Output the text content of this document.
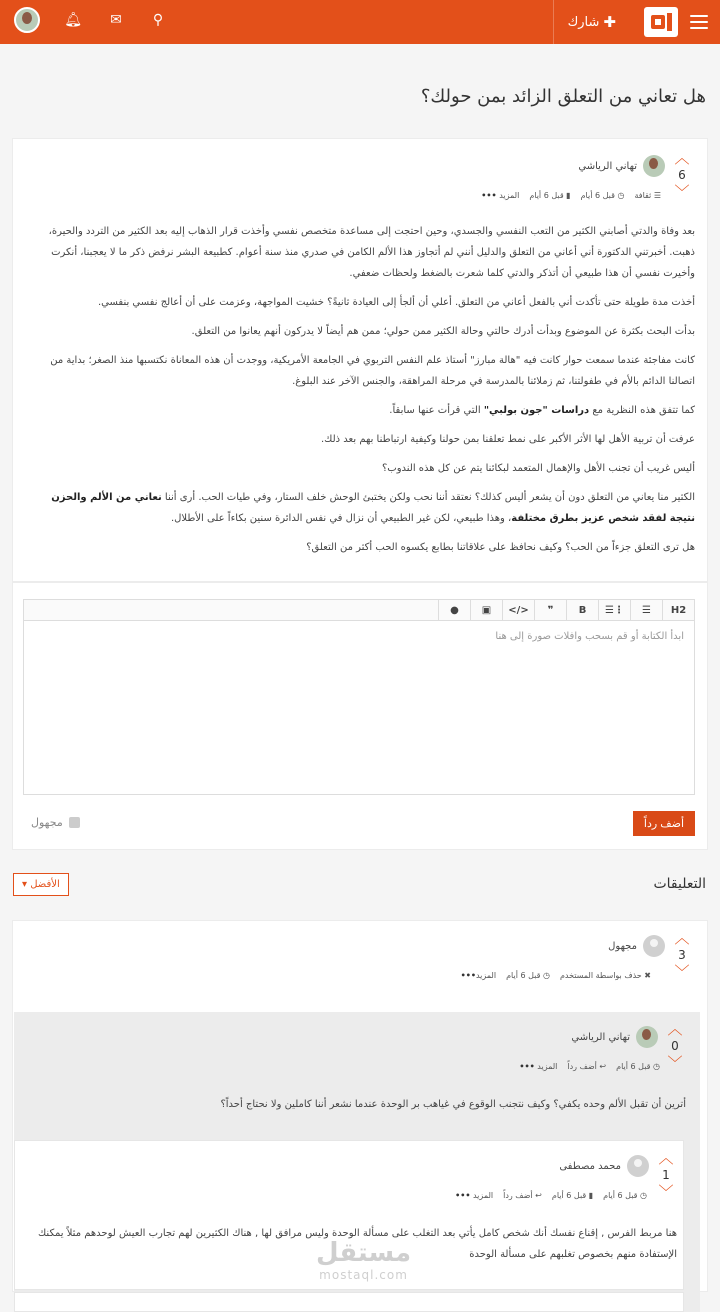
✚
شارك
⚲
✉
🔔︎
هل تعاني من التعلق الزائد بمن حولك؟
︿
6
﹀
تهاني الرياشي
☰ ثقافة
◷ قبل 6 أيام
▮ قبل 6 أيام
المزيد •••

بعد وفاة والدتي أصابني الكثير من التعب النفسي والجسدي، وحين احتجت إلى مساعدة متخصص نفسي وأخذت قرار الذهاب إليه بعد الكثير من التردد والحيرة، ذهبت. أخبرتني الدكتورة أني أعاني من التعلق والدليل أنني لم أتجاوز هذا الألم الكامن في صدري منذ سنة أعوام. كطبيعة البشر نرفض ذكر ما لا يعجبنا، أنكرت وأخيرت نفسي أن هذا طبيعي أن أتذكر والدتي كلما شعرت بالضغط ولحظات ضعفي.

أخذت مدة طويلة حتى تأكدت أني بالفعل أعاني من التعلق. أعلي أن ألجأ إلى العيادة ثانيةً؟ خشيت المواجهة، وعزمت على أن أعالج نفسي بنفسي.

بدأت البحث بكثرة عن الموضوع وبدأت أدرك حالتي وحالة الكثير ممن حولي؛ ممن هم أيضاً لا يدركون أنهم يعانوا من التعلق.

كانت مفاجئة عندما سمعت حوار كانت فيه "هالة مبارز" أستاذ علم النفس التربوي في الجامعة الأمريكية، ووجدت أن هذه المعاناة نكتسبها منذ الصغر؛ بداية من اتصالنا الدائم بالأم في طفولتنا، ثم زملائنا بالمدرسة في مرحلة المراهقة، والجنس الآخر عند البلوغ.

كما تتفق هذه النظرية مع دراسات "جون بولبي" التي قرأت عنها سابقاً.

عرفت أن تربية الأهل لها الأثر الأكبر على نمط تعلقنا بمن حولنا وكيفية ارتباطنا بهم بعد ذلك.

أليس غريب أن تجنب الأهل والإهمال المتعمد لبكائنا يتم عن كل هذه الندوب؟

الكثير منا يعاني من التعلق دون أن يشعر أليس كذلك؟ نعتقد أننا نحب ولكن يختبئ الوحش خلف الستار، وفي طيات الحب. أرى أننا نعاني من الألم والحزن نتيجة لفقد شخص عزيز بطرق مختلفة، وهذا طبيعي، لكن غير الطبيعي أن نزال في نفس الدائرة سنين بكاءاً على الأطلال.

هل ترى التعلق جزءاً من الحب؟ وكيف نحافظ على علاقاتنا بطابع يكسوه الحب أكثر من التعلق؟

H2
☰
⋮☰
B
❞
</>
▣
●
ابدأ الكتابة أو قم بسحب وافلات صورة إلى هنا
أضف رداً
مجهول
التعليقات
الأفضل ▾
︿
3
﹀
مجهول
✖ حذف بواسطة المستخدم
◷ قبل 6 أيام
المزيد•••
︿
0
﹀
تهاني الرياشي
◷ قبل 6 أيام
↩ أضف رداً
المزيد •••
أترين أن تقبل الألم وحده يكفي؟ وكيف نتجنب الوقوع في غياهب بر الوحدة عندما نشعر أننا كاملين ولا نحتاج أحداً؟
︿
1
﹀
محمد مصطفى
◷ قبل 6 أيام
▮ قبل 6 أيام
↩ أضف رداً
المزيد •••
هنا مربط الفرس , إقناع نفسك أنك شخص كامل يأتي بعد التغلب على مسألة الوحدة وليس مرافق لها , هناك الكثيرين لهم تجارب العيش لوحدهم مثلاً يمكنك الإستفادة منهم بخصوص تغلبهم على مسألة الوحدة
مستقل
mostaql.com
